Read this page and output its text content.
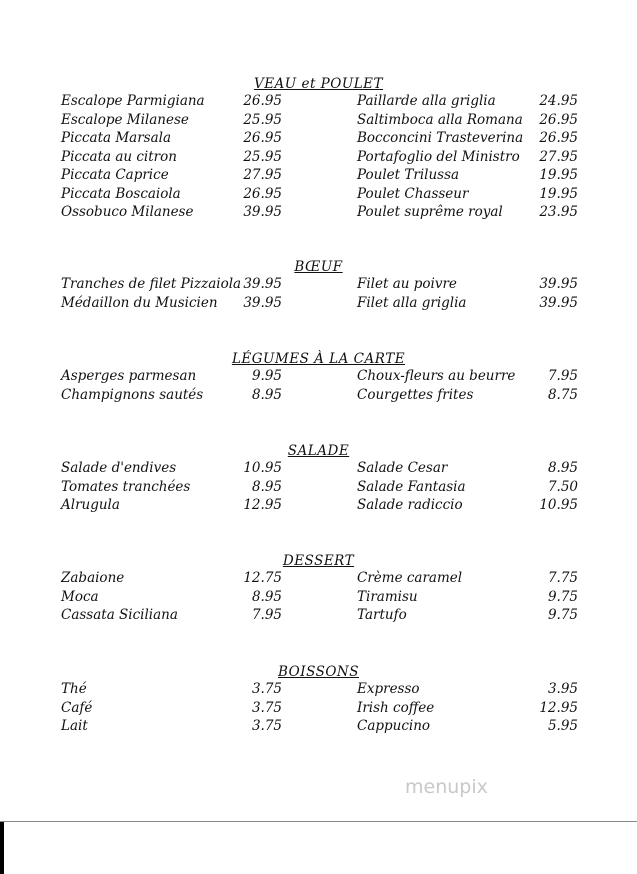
VEAU et POULET
Escalope Parmigiana	26.95	Paillarde alla griglia	24.95
Escalope Milanese	25.95	Saltimboca alla Romana 26.95
Piccata Marsala	26.95	Bocconcini Trasteverina 26.95
Piccata au citron	25.95	Portafoglio del Ministro 27.95
Piccata Caprice	27.95	Poulet Trilussa	19.95
Piccata Boscaiola	26.95	Poulet Chasseur	19.95
Ossobuco Milanese	39.95	Poulet suprême royal	23.95
BŒUF
Tranches de filet Pizzaiola 39.95	Filet au poivre	39.95
Médaillon du Musicien 39.95	Filet alla griglia	39.95
LÉGUMES À LA CARTE
Asperges parmesan	9.95	Choux-fleurs au beurre 7.95
Champignons sautés	8.95	Courgettes frites	8.75
SALADE
Salade d'endives	10.95	Salade Cesar	8.95
Tomates tranchées	8.95	Salade Fantasia	7.50
Alrugula	12.95	Salade radiccio	10.95
DESSERT
Zabaione	12.75	Crème caramel	7.75
Moca	8.95	Tiramisu	9.75
Cassata Siciliana	7.95	Tartufo	9.75
BOISSONS
Thé	3.75	Expresso	3.95
Café	3.75	Irish coffee	12.95
Lait	3.75	Cappucino	5.95
menupix
